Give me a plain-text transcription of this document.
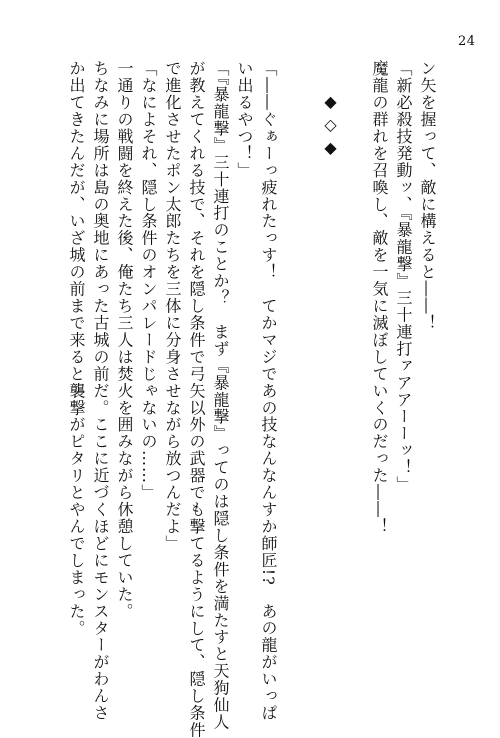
24
ン矢を握って、敵に構えると――！
「新必殺技発動ッ、『暴龍撃』三十連打ァアアーーッ！」
魔龍の群れを召喚し、敵を一気に滅ぼしていくのだった――！
◆
◇
◆
「――ぐぁーっ疲れたっす！　てかマジであの技なんなんすか師匠!?　あの龍がいっぱ
い出るやつ！」
「『暴龍撃』三十連打のことか？　まず『暴龍撃』ってのは隠し条件を満たすと天狗仙人
が教えてくれる技で、それを隠し条件で弓矢以外の武器でも撃てるようにして、隠し条件
で進化させたポン太郎たちを三体に分身させながら放つんだよ」
「なによそれ、隠し条件のオンパレードじゃないの……」
一通りの戦闘を終えた後、俺たち三人は焚火を囲みながら休憩していた。
ちなみに場所は島の奥地にあった古城の前だ。ここに近づくほどにモンスターがわんさ
か出てきたんだが、いざ城の前まで来ると襲撃がピタリとやんでしまった。
